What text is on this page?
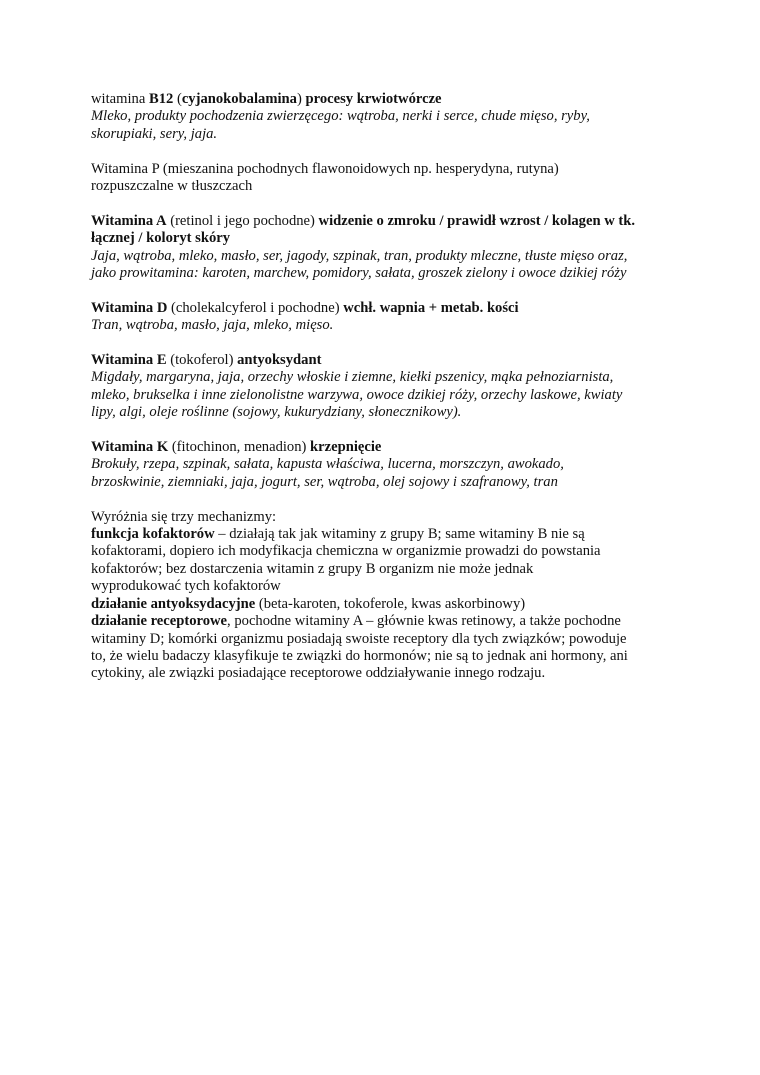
witamina B12 (cyjanokobalamina) procesy krwiotwórcze
Mleko, produkty pochodzenia zwierzęcego: wątroba, nerki i serce, chude mięso, ryby,
skorupiaki, sery, jaja.
Witamina P (mieszanina pochodnych flawonoidowych np. hesperydyna, rutyna)
rozpuszczalne w tłuszczach
Witamina A (retinol i jego pochodne) widzenie o zmroku / prawidł wzrost / kolagen w tk.
łącznej / koloryt skóry
Jaja, wątroba, mleko, masło, ser, jagody, szpinak, tran, produkty mleczne, tłuste mięso oraz,
jako prowitamina: karoten, marchew, pomidory, sałata, groszek zielony i owoce dzikiej róży
Witamina D (cholekalcyferol i pochodne) wchł. wapnia + metab. kości
Tran, wątroba, masło, jaja, mleko, mięso.
Witamina E (tokoferol) antyoksydant
Migdały, margaryna, jaja, orzechy włoskie i ziemne, kiełki pszenicy, mąka pełnoziarnista,
mleko, brukselka i inne zielonolistne warzywa, owoce dzikiej róży, orzechy laskowe, kwiaty
lipy, algi, oleje roślinne (sojowy, kukurydziany, słonecznikowy).
Witamina K (fitochinon, menadion) krzepnięcie
Brokuły, rzepa, szpinak, sałata, kapusta właściwa, lucerna, morszczyn, awokado,
brzoskwinie, ziemniaki, jaja, jogurt, ser, wątroba, olej sojowy i szafranowy, tran
Wyróżnia się trzy mechanizmy:
funkcja kofaktorów – działają tak jak witaminy z grupy B; same witaminy B nie są
kofaktorami, dopiero ich modyfikacja chemiczna w organizmie prowadzi do powstania
kofaktorów; bez dostarczenia witamin z grupy B organizm nie może jednak
wyprodukować tych kofaktorów
działanie antyoksydacyjne (beta-karoten, tokoferole, kwas askorbinowy)
działanie receptorowe, pochodne witaminy A – głównie kwas retinowy, a także pochodne
witaminy D; komórki organizmu posiadają swoiste receptory dla tych związków; powoduje
to, że wielu badaczy klasyfikuje te związki do hormonów; nie są to jednak ani hormony, ani
cytokiny, ale związki posiadające receptorowe oddziaływanie innego rodzaju.
